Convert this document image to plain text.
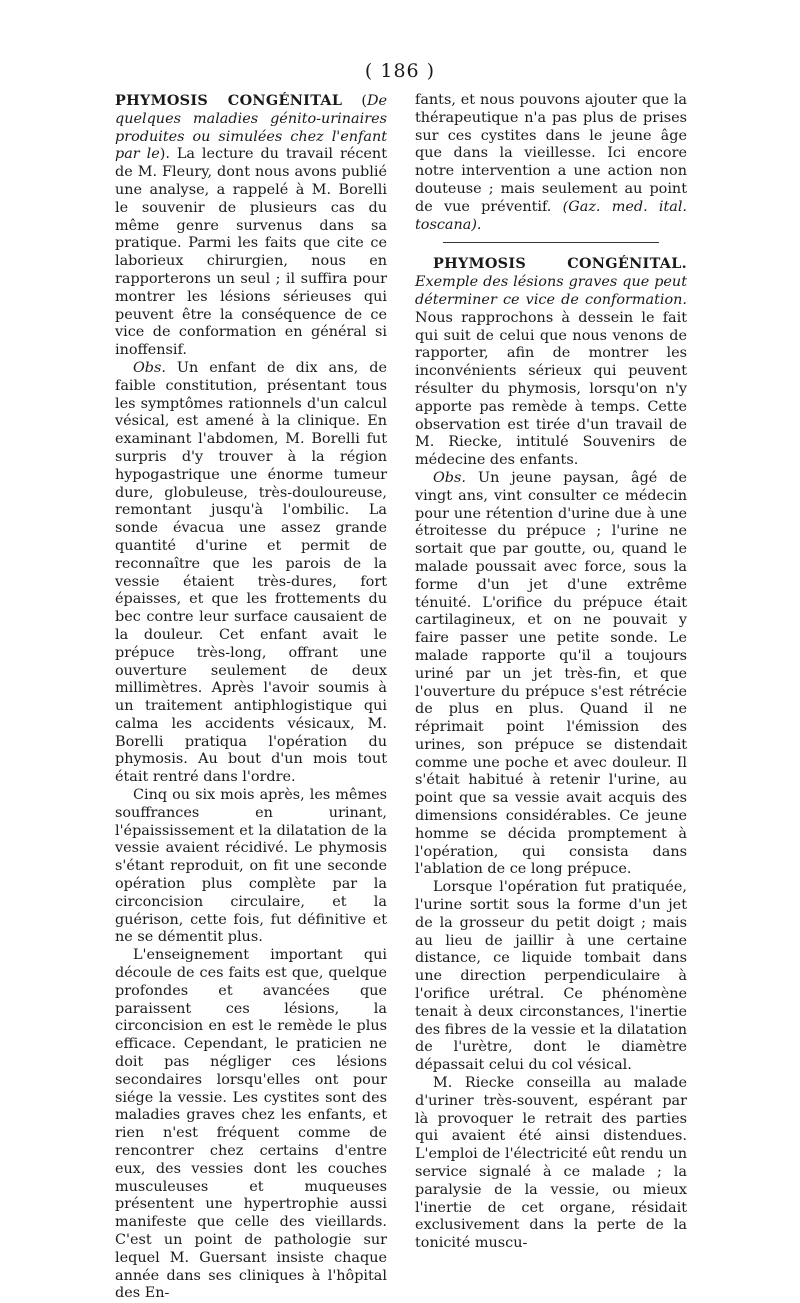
( 186 )

PHYMOSIS CONGÉNITAL (De quelques maladies génito-urinaires produites ou simulées chez l'enfant par le). La lecture du travail récent de M. Fleury, dont nous avons publié une analyse, a rappelé à M. Borelli le souvenir de plusieurs cas du même genre survenus dans sa pratique. Parmi les faits que cite ce laborieux chirurgien, nous en rapporterons un seul ; il suffira pour montrer les lésions sérieuses qui peuvent être la conséquence de ce vice de conformation en général si inoffensif.

Obs. Un enfant de dix ans, de faible constitution, présentant tous les symptômes rationnels d'un calcul vésical, est amené à la clinique. En examinant l'abdomen, M. Borelli fut surpris d'y trouver à la région hypogastrique une énorme tumeur dure, globuleuse, très-douloureuse, remontant jusqu'à l'ombilic. La sonde évacua une assez grande quantité d'urine et permit de reconnaître que les parois de la vessie étaient très-dures, fort épaisses, et que les frottements du bec contre leur surface causaient de la douleur. Cet enfant avait le prépuce très-long, offrant une ouverture seulement de deux millimètres. Après l'avoir soumis à un traitement antiphlogistique qui calma les accidents vésicaux, M. Borelli pratiqua l'opération du phymosis. Au bout d'un mois tout était rentré dans l'ordre.

Cinq ou six mois après, les mêmes souffrances en urinant, l'épaississement et la dilatation de la vessie avaient récidivé. Le phymosis s'étant reproduit, on fit une seconde opération plus complète par la circoncision circulaire, et la guérison, cette fois, fut définitive et ne se démentit plus.

L'enseignement important qui découle de ces faits est que, quelque profondes et avancées que paraissent ces lésions, la circoncision en est le remède le plus efficace. Cependant, le praticien ne doit pas négliger ces lésions secondaires lorsqu'elles ont pour siége la vessie. Les cystites sont des maladies graves chez les enfants, et rien n'est fréquent comme de rencontrer chez certains d'entre eux, des vessies dont les couches musculeuses et muqueuses présentent une hypertrophie aussi manifeste que celle des vieillards. C'est un point de pathologie sur lequel M. Guersant insiste chaque année dans ses cliniques à l'hôpital des En-

fants, et nous pouvons ajouter que la thérapeutique n'a pas plus de prises sur ces cystites dans le jeune âge que dans la vieillesse. Ici encore notre intervention a une action non douteuse ; mais seulement au point de vue préventif. (Gaz. med. ital. toscana).

PHYMOSIS CONGÉNITAL. Exemple des lésions graves que peut déterminer ce vice de conformation. Nous rapprochons à dessein le fait qui suit de celui que nous venons de rapporter, afin de montrer les inconvénients sérieux qui peuvent résulter du phymosis, lorsqu'on n'y apporte pas remède à temps. Cette observation est tirée d'un travail de M. Riecke, intitulé Souvenirs de médecine des enfants.

Obs. Un jeune paysan, âgé de vingt ans, vint consulter ce médecin pour une rétention d'urine due à une étroitesse du prépuce ; l'urine ne sortait que par goutte, ou, quand le malade poussait avec force, sous la forme d'un jet d'une extrême ténuité. L'orifice du prépuce était cartilagineux, et on ne pouvait y faire passer une petite sonde. Le malade rapporte qu'il a toujours uriné par un jet très-fin, et que l'ouverture du prépuce s'est rétrécie de plus en plus. Quand il ne réprimait point l'émission des urines, son prépuce se distendait comme une poche et avec douleur. Il s'était habitué à retenir l'urine, au point que sa vessie avait acquis des dimensions considérables. Ce jeune homme se décida promptement à l'opération, qui consista dans l'ablation de ce long prépuce.

Lorsque l'opération fut pratiquée, l'urine sortit sous la forme d'un jet de la grosseur du petit doigt ; mais au lieu de jaillir à une certaine distance, ce liquide tombait dans une direction perpendiculaire à l'orifice urétral. Ce phénomène tenait à deux circonstances, l'inertie des fibres de la vessie et la dilatation de l'urètre, dont le diamètre dépassait celui du col vésical.

M. Riecke conseilla au malade d'uriner très-souvent, espérant par là provoquer le retrait des parties qui avaient été ainsi distendues. L'emploi de l'électricité eût rendu un service signalé à ce malade ; la paralysie de la vessie, ou mieux l'inertie de cet organe, résidait exclusivement dans la perte de la tonicité muscu-
